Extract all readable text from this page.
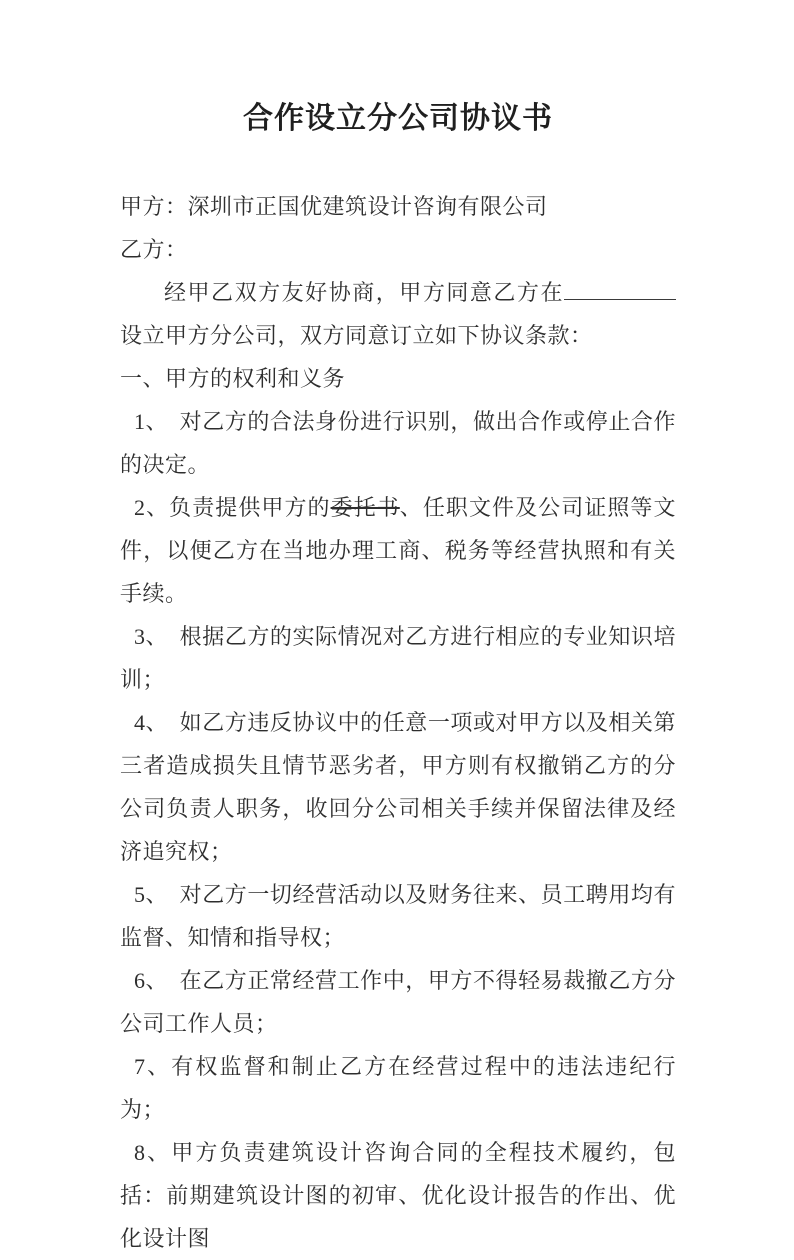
合作设立分公司协议书

甲方：深圳市正国优建筑设计咨询有限公司

乙方：

经甲乙双方友好协商，甲方同意乙方在设立甲方分公司，双方同意订立如下协议条款：

一、甲方的权利和义务

1、　对乙方的合法身份进行识别，做出合作或停止合作的决定。

2、负责提供甲方的委托书、任职文件及公司证照等文件，以便乙方在当地办理工商、税务等经营执照和有关手续。

3、　根据乙方的实际情况对乙方进行相应的专业知识培训；

4、　如乙方违反协议中的任意一项或对甲方以及相关第三者造成损失且情节恶劣者，甲方则有权撤销乙方的分公司负责人职务，收回分公司相关手续并保留法律及经济追究权；

5、　对乙方一切经营活动以及财务往来、员工聘用均有监督、知情和指导权；

6、　在乙方正常经营工作中，甲方不得轻易裁撤乙方分公司工作人员；

7、有权监督和制止乙方在经营过程中的违法违纪行为；

8、甲方负责建筑设计咨询合同的全程技术履约，包括：前期建筑设计图的初审、优化设计报告的作出、优化设计图
